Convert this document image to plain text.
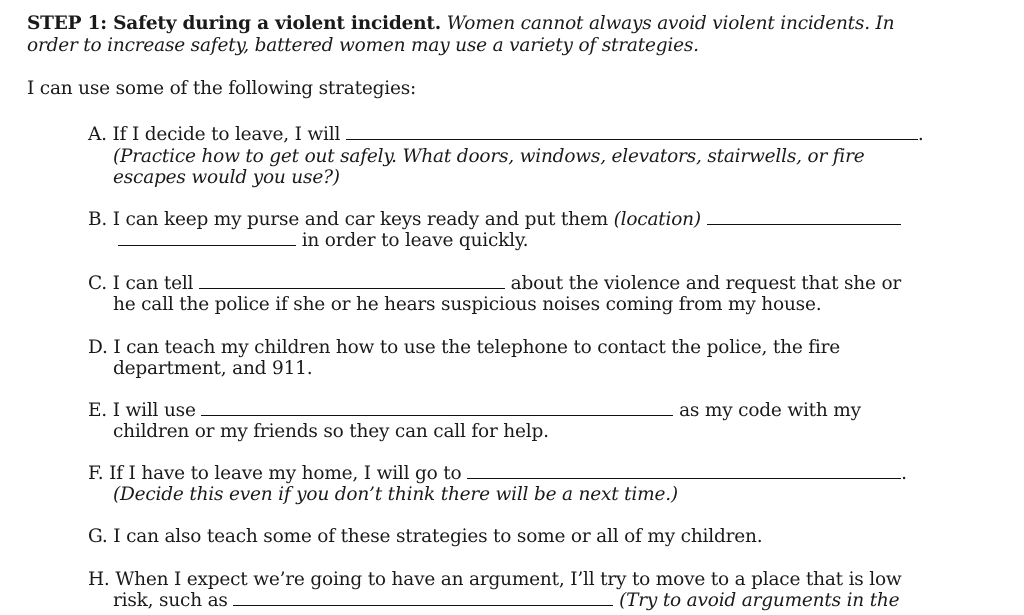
STEP 1: Safety during a violent incident. Women cannot always avoid violent incidents. In
order to increase safety, battered women may use a variety of strategies.
I can use some of the following strategies:
A. If I decide to leave, I will	.
(Practice how to get out safely. What doors, windows, elevators, stairwells, or fire
escapes would you use?)
B. I can keep my purse and car keys ready and put them (location)
in order to leave quickly.
C. I can tell	about the violence and request that she or
he call the police if she or he hears suspicious noises coming from my house.
D. I can teach my children how to use the telephone to contact the police, the fire
department, and 911.
E. I will use	as my code with my
children or my friends so they can call for help.
F. If I have to leave my home, I will go to	.
(Decide this even if you don’t think there will be a next time.)
G. I can also teach some of these strategies to some or all of my children.
H. When I expect we’re going to have an argument, I’ll try to move to a place that is low
risk, such as	(Try to avoid arguments in the
